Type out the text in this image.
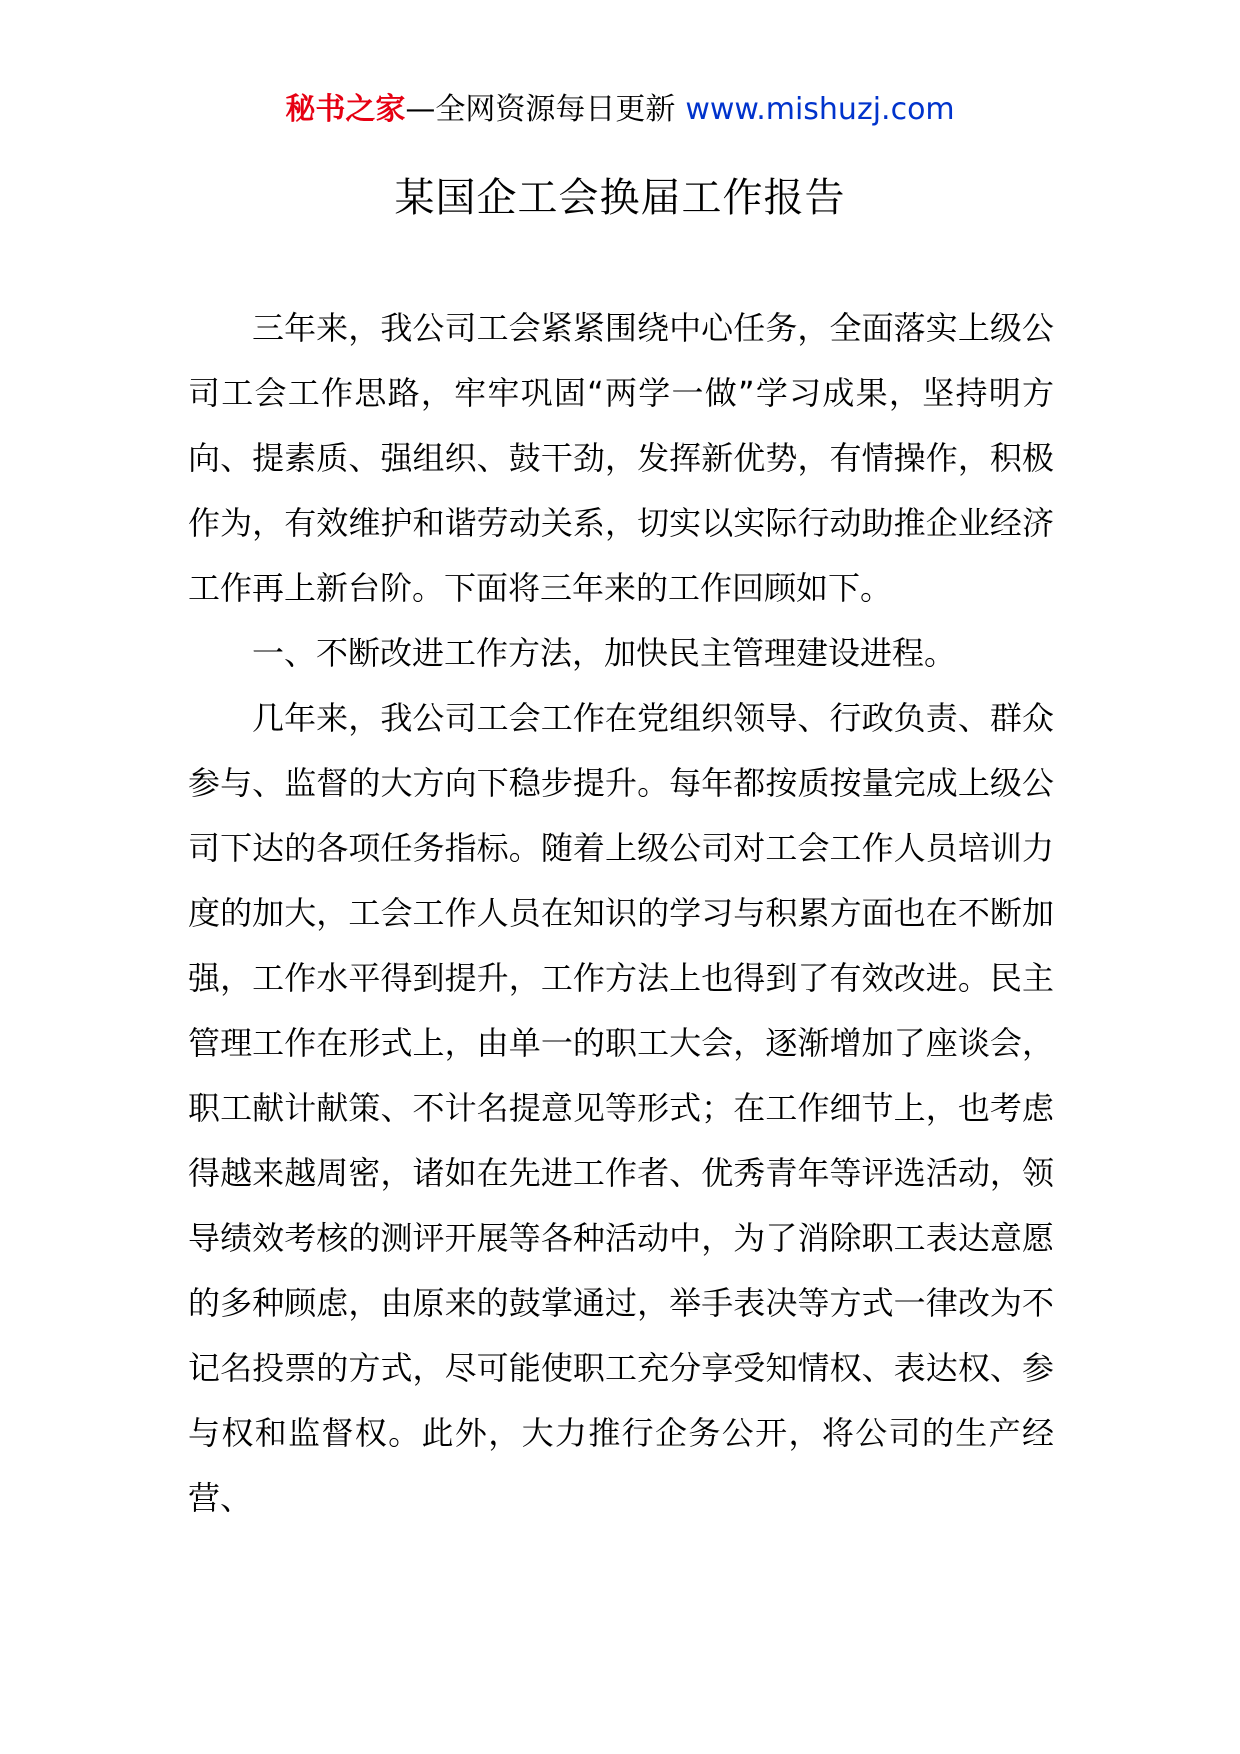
秘书之家—全网资源每日更新 www.mishuzj.com
某国企工会换届工作报告

三年来，我公司工会紧紧围绕中心任务，全面落实上级公司工会工作思路，牢牢巩固“两学一做”学习成果，坚持明方向、提素质、强组织、鼓干劲，发挥新优势，有情操作，积极作为，有效维护和谐劳动关系，切实以实际行动助推企业经济工作再上新台阶。下面将三年来的工作回顾如下。

一、不断改进工作方法，加快民主管理建设进程。

几年来，我公司工会工作在党组织领导、行政负责、群众参与、监督的大方向下稳步提升。每年都按质按量完成上级公司下达的各项任务指标。随着上级公司对工会工作人员培训力度的加大，工会工作人员在知识的学习与积累方面也在不断加强，工作水平得到提升，工作方法上也得到了有效改进。民主管理工作在形式上，由单一的职工大会，逐渐增加了座谈会，职工献计献策、不计名提意见等形式；在工作细节上，也考虑得越来越周密，诸如在先进工作者、优秀青年等评选活动，领导绩效考核的测评开展等各种活动中，为了消除职工表达意愿的多种顾虑，由原来的鼓掌通过，举手表决等方式一律改为不记名投票的方式，尽可能使职工充分享受知情权、表达权、参与权和监督权。此外，大力推行企务公开，将公司的生产经营、
